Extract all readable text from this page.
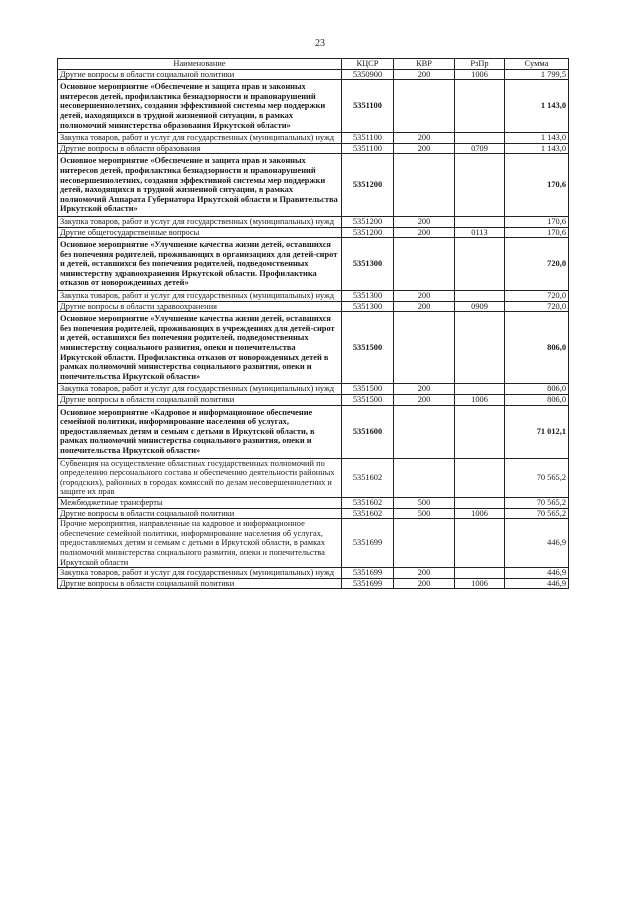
23
Наименование	КЦСР	КВР	РзПр	Сумма
Другие вопросы в области социальной политики	5350900	200	1006	1 799,5
Основное мероприятие «Обеспечение и защита прав и законных интересов детей, профилактика безнадзорности и правонарушений несовершеннолетних, создания эффективной системы мер поддержки детей, находящихся в трудной жизненной ситуации, в рамках полномочий министерства образования Иркутской области»	5351100			1 143,0
Закупка товаров, работ и услуг для государственных (муниципальных) нужд	5351100	200		1 143,0
Другие вопросы в области образования	5351100	200	0709	1 143,0
Основное мероприятие «Обеспечение и защита прав и законных интересов детей, профилактика безнадзорности и правонарушений несовершеннолетних, создания эффективной системы мер поддержки детей, находящихся в трудной жизненной ситуации, в рамках полномочий Аппарата Губернатора Иркутской области и Правительства Иркутской области»	5351200			170,6
Закупка товаров, работ и услуг для государственных (муниципальных) нужд	5351200	200		170,6
Другие общегосударственные вопросы	5351200	200	0113	170,6
Основное мероприятие «Улучшение качества жизни детей, оставшихся без попечения родителей, проживающих в организациях для детей-сирот и детей, оставшихся без попечения родителей, подведомственных министерству здравоохранения Иркутской области. Профилактика отказов от новорожденных детей»	5351300			720,0
Закупка товаров, работ и услуг для государственных (муниципальных) нужд	5351300	200		720,0
Другие вопросы в области здравоохранения	5351300	200	0909	720,0
Основное мероприятие «Улучшение качества жизни детей, оставшихся без попечения родителей, проживающих в учреждениях для детей-сирот и детей, оставшихся без попечения родителей, подведомственных министерству социального развития, опеки и попечительства Иркутской области. Профилактика отказов от новорожденных детей в рамках полномочий министерства социального развития, опеки и попечительства Иркутской области»	5351500			806,0
Закупка товаров, работ и услуг для государственных (муниципальных) нужд	5351500	200		806,0
Другие вопросы в области социальной политики	5351500	200	1006	806,0
Основное мероприятие «Кадровое и информационное обеспечение семейной политики, информирование населения об услугах, предоставляемых детям и семьям с детьми в Иркутской области, в рамках полномочий министерства социального развития, опеки и попечительства Иркутской области»	5351600			71 012,1
Субвенция на осуществление областных государственных полномочий по определению персонального состава и обеспечению деятельности районных (городских), районных в городах комиссий по делам несовершеннолетних и защите их прав	5351602			70 565,2
Межбюджетные трансферты	5351602	500		70 565,2
Другие вопросы в области социальной политики	5351602	500	1006	70 565,2
Прочие мероприятия, направленные на кадровое и информационное обеспечение семейной политики, информирование населения об услугах, предоставляемых детям и семьям с детьми в Иркутской области, в рамках полномочий министерства социального развития, опеки и попечительства Иркутской области	5351699			446,9
Закупка товаров, работ и услуг для государственных (муниципальных) нужд	5351699	200		446,9
Другие вопросы в области социальной политики	5351699	200	1006	446,9
